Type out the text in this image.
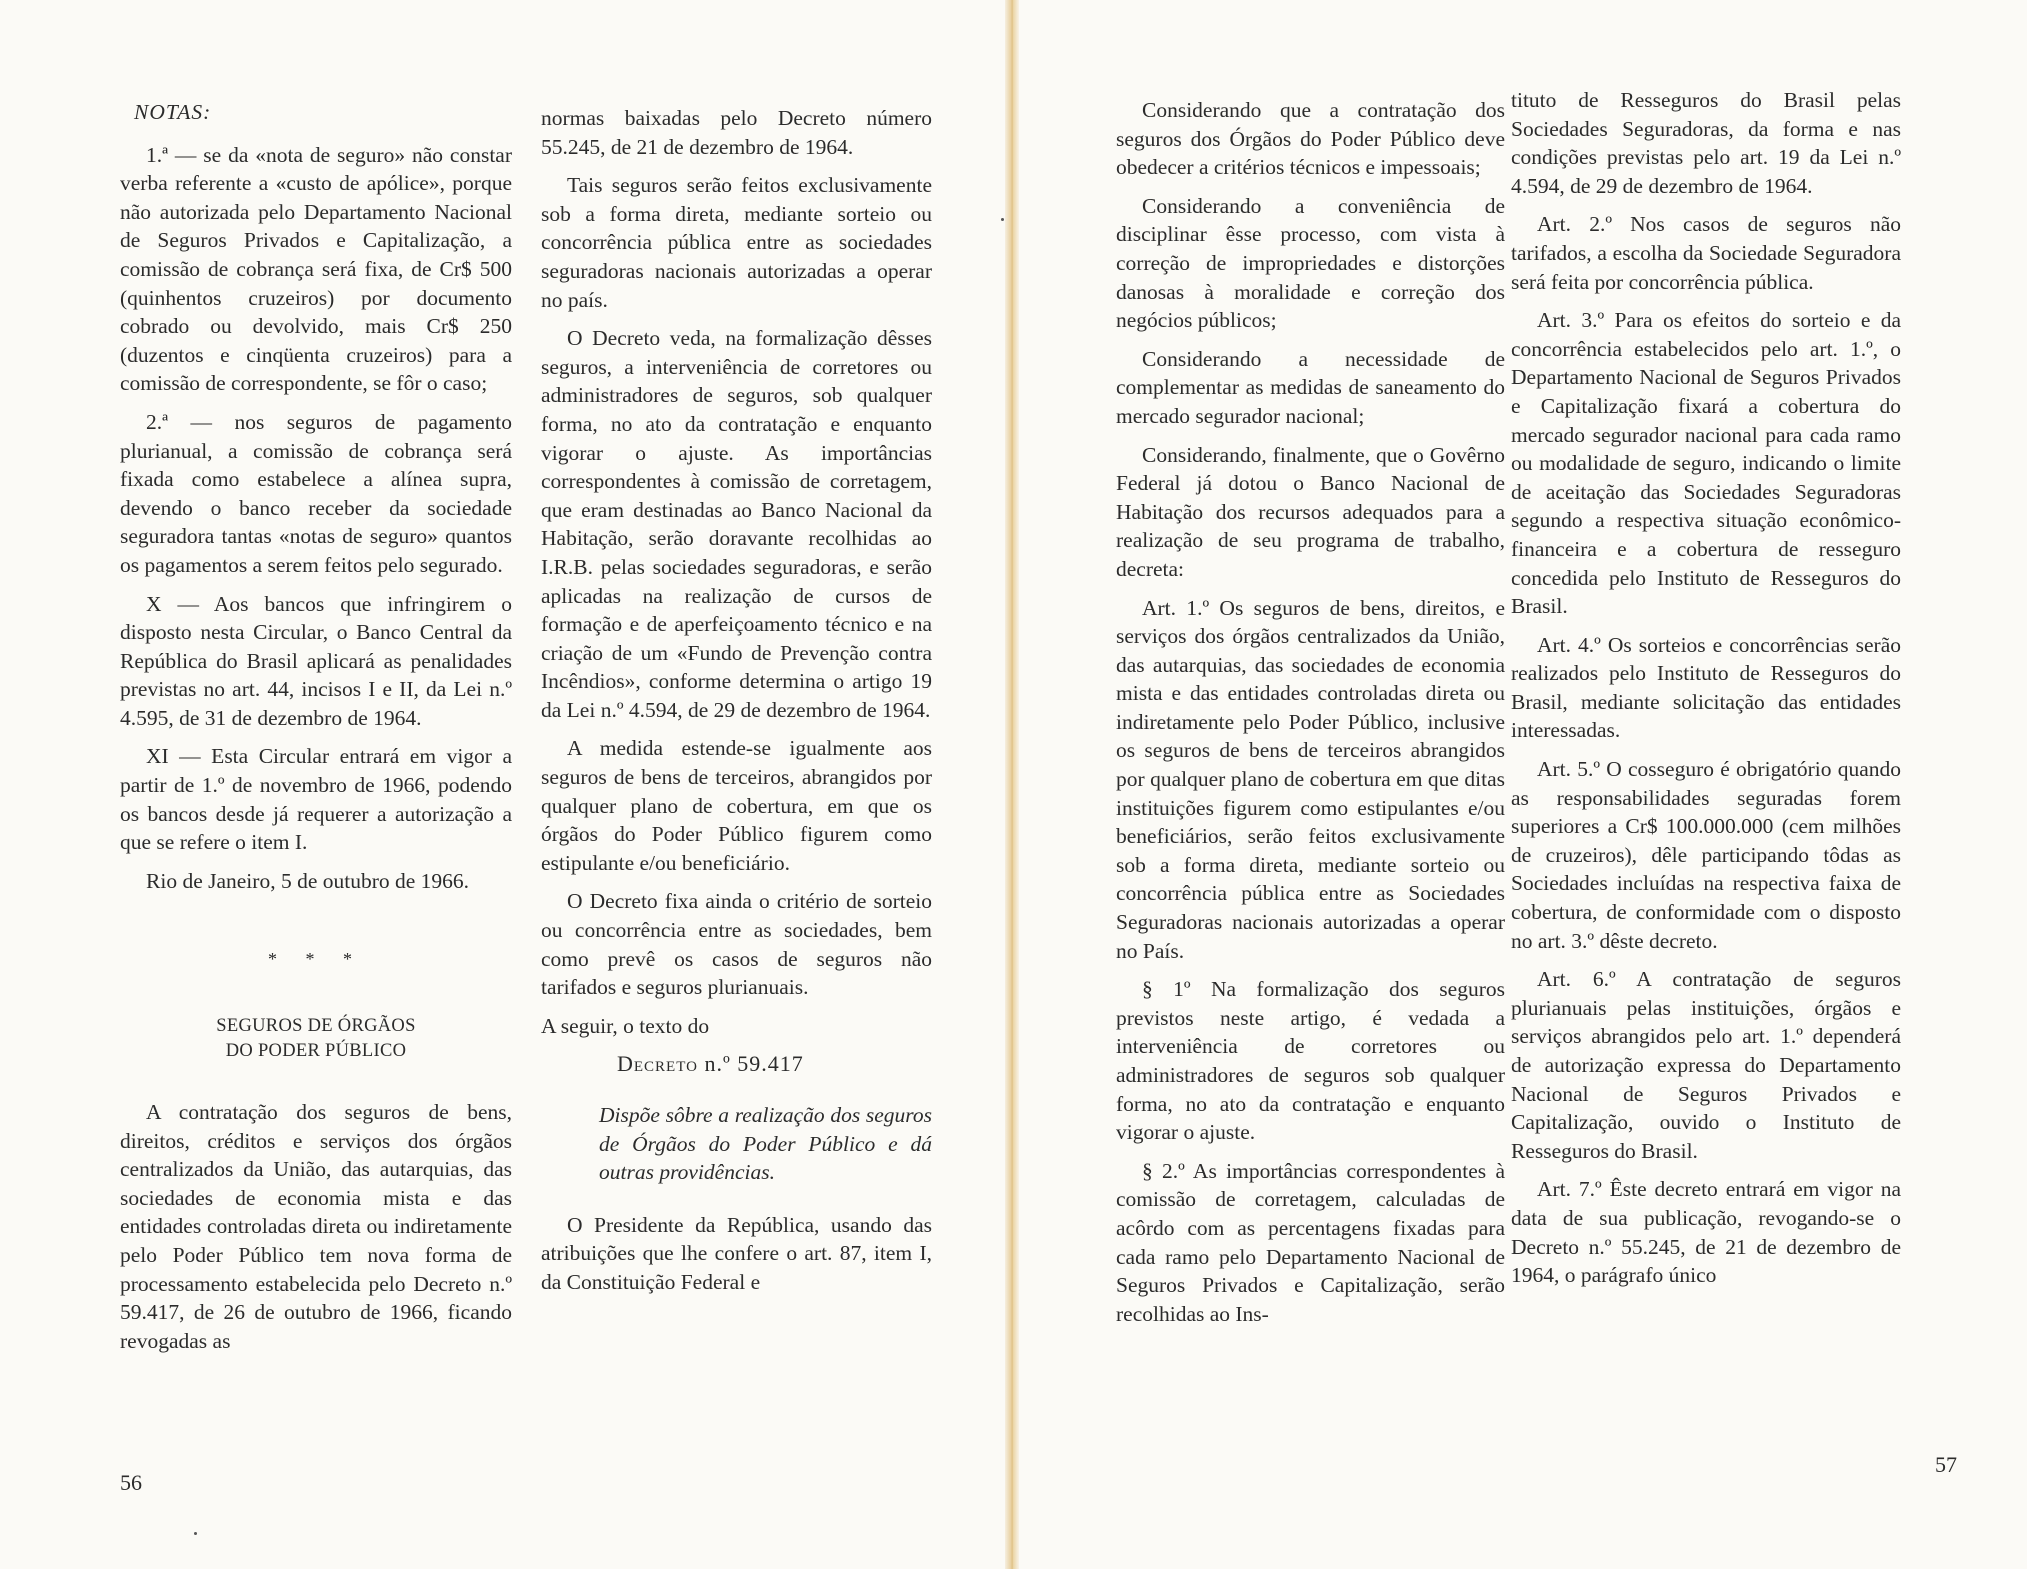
NOTAS:

1.ª — se da «nota de seguro» não constar verba referente a «custo de apólice», porque não autorizada pelo Departamento Nacional de Seguros Privados e Capitalização, a comissão de cobrança será fixa, de Cr$ 500 (quinhentos cruzeiros) por documento cobrado ou devolvido, mais Cr$ 250 (duzentos e cinqüenta cruzeiros) para a comissão de correspondente, se fôr o caso;

2.ª — nos seguros de pagamento plurianual, a comissão de cobrança será fixada como estabelece a alínea supra, devendo o banco receber da sociedade seguradora tantas «notas de seguro» quantos os pagamentos a serem feitos pelo segurado.

X — Aos bancos que infringirem o disposto nesta Circular, o Banco Central da República do Brasil aplicará as penalidades previstas no art. 44, incisos I e II, da Lei n.º 4.595, de 31 de dezembro de 1964.

XI — Esta Circular entrará em vigor a partir de 1.º de novembro de 1966, podendo os bancos desde já requerer a autorização a que se refere o item I.

Rio de Janeiro, 5 de outubro de 1966.

* * *
SEGUROS DE ÓRGÃOS
DO PODER PÚBLICO

A contratação dos seguros de bens, direitos, créditos e serviços dos órgãos centralizados da União, das autarquias, das sociedades de economia mista e das entidades controladas direta ou indiretamente pelo Poder Público tem nova forma de processamento estabelecida pelo Decreto n.º 59.417, de 26 de outubro de 1966, ficando revogadas as

normas baixadas pelo Decreto número 55.245, de 21 de dezembro de 1964.

Tais seguros serão feitos exclusivamente sob a forma direta, mediante sorteio ou concorrência pública entre as sociedades seguradoras nacionais autorizadas a operar no país.

O Decreto veda, na formalização dêsses seguros, a interveniência de corretores ou administradores de seguros, sob qualquer forma, no ato da contratação e enquanto vigorar o ajuste. As importâncias correspondentes à comissão de corretagem, que eram destinadas ao Banco Nacional da Habitação, serão doravante recolhidas ao I.R.B. pelas sociedades seguradoras, e serão aplicadas na realização de cursos de formação e de aperfeiçoamento técnico e na criação de um «Fundo de Prevenção contra Incêndios», conforme determina o artigo 19 da Lei n.º 4.594, de 29 de dezembro de 1964.

A medida estende-se igualmente aos seguros de bens de terceiros, abrangidos por qualquer plano de cobertura, em que os órgãos do Poder Público figurem como estipulante e/ou beneficiário.

O Decreto fixa ainda o critério de sorteio ou concorrência entre as sociedades, bem como prevê os casos de seguros não tarifados e seguros plurianuais.

A seguir, o texto do

Decreto n.º 59.417

Dispõe sôbre a realização dos seguros de Órgãos do Poder Público e dá outras providências.

O Presidente da República, usando das atribuições que lhe confere o art. 87, item I, da Constituição Federal e

56

Considerando que a contratação dos seguros dos Órgãos do Poder Público deve obedecer a critérios técnicos e impessoais;

Considerando a conveniência de disciplinar êsse processo, com vista à correção de impropriedades e distorções danosas à moralidade e correção dos negócios públicos;

Considerando a necessidade de complementar as medidas de saneamento do mercado segurador nacional;

Considerando, finalmente, que o Govêrno Federal já dotou o Banco Nacional de Habitação dos recursos adequados para a realização de seu programa de trabalho, decreta:

Art. 1.º Os seguros de bens, direitos, e serviços dos órgãos centralizados da União, das autarquias, das sociedades de economia mista e das entidades controladas direta ou indiretamente pelo Poder Público, inclusive os seguros de bens de terceiros abrangidos por qualquer plano de cobertura em que ditas instituições figurem como estipulantes e/ou beneficiários, serão feitos exclusivamente sob a forma direta, mediante sorteio ou concorrência pública entre as Sociedades Seguradoras nacionais autorizadas a operar no País.

§ 1º Na formalização dos seguros previstos neste artigo, é vedada a interveniência de corretores ou administradores de seguros sob qualquer forma, no ato da contratação e enquanto vigorar o ajuste.

§ 2.º As importâncias correspondentes à comissão de corretagem, calculadas de acôrdo com as percentagens fixadas para cada ramo pelo Departamento Nacional de Seguros Privados e Capitalização, serão recolhidas ao Ins-

tituto de Resseguros do Brasil pelas Sociedades Seguradoras, da forma e nas condições previstas pelo art. 19 da Lei n.º 4.594, de 29 de dezembro de 1964.

Art. 2.º Nos casos de seguros não tarifados, a escolha da Sociedade Seguradora será feita por concorrência pública.

Art. 3.º Para os efeitos do sorteio e da concorrência estabelecidos pelo art. 1.º, o Departamento Nacional de Seguros Privados e Capitalização fixará a cobertura do mercado segurador nacional para cada ramo ou modalidade de seguro, indicando o limite de aceitação das Sociedades Seguradoras segundo a respectiva situação econômico-financeira e a cobertura de resseguro concedida pelo Instituto de Resseguros do Brasil.

Art. 4.º Os sorteios e concorrências serão realizados pelo Instituto de Resseguros do Brasil, mediante solicitação das entidades interessadas.

Art. 5.º O cosseguro é obrigatório quando as responsabilidades seguradas forem superiores a Cr$ 100.000.000 (cem milhões de cruzeiros), dêle participando tôdas as Sociedades incluídas na respectiva faixa de cobertura, de conformidade com o disposto no art. 3.º dêste decreto.

Art. 6.º A contratação de seguros plurianuais pelas instituições, órgãos e serviços abrangidos pelo art. 1.º dependerá de autorização expressa do Departamento Nacional de Seguros Privados e Capitalização, ouvido o Instituto de Resseguros do Brasil.

Art. 7.º Êste decreto entrará em vigor na data de sua publicação, revogando-se o Decreto n.º 55.245, de 21 de dezembro de 1964, o parágrafo único

57
